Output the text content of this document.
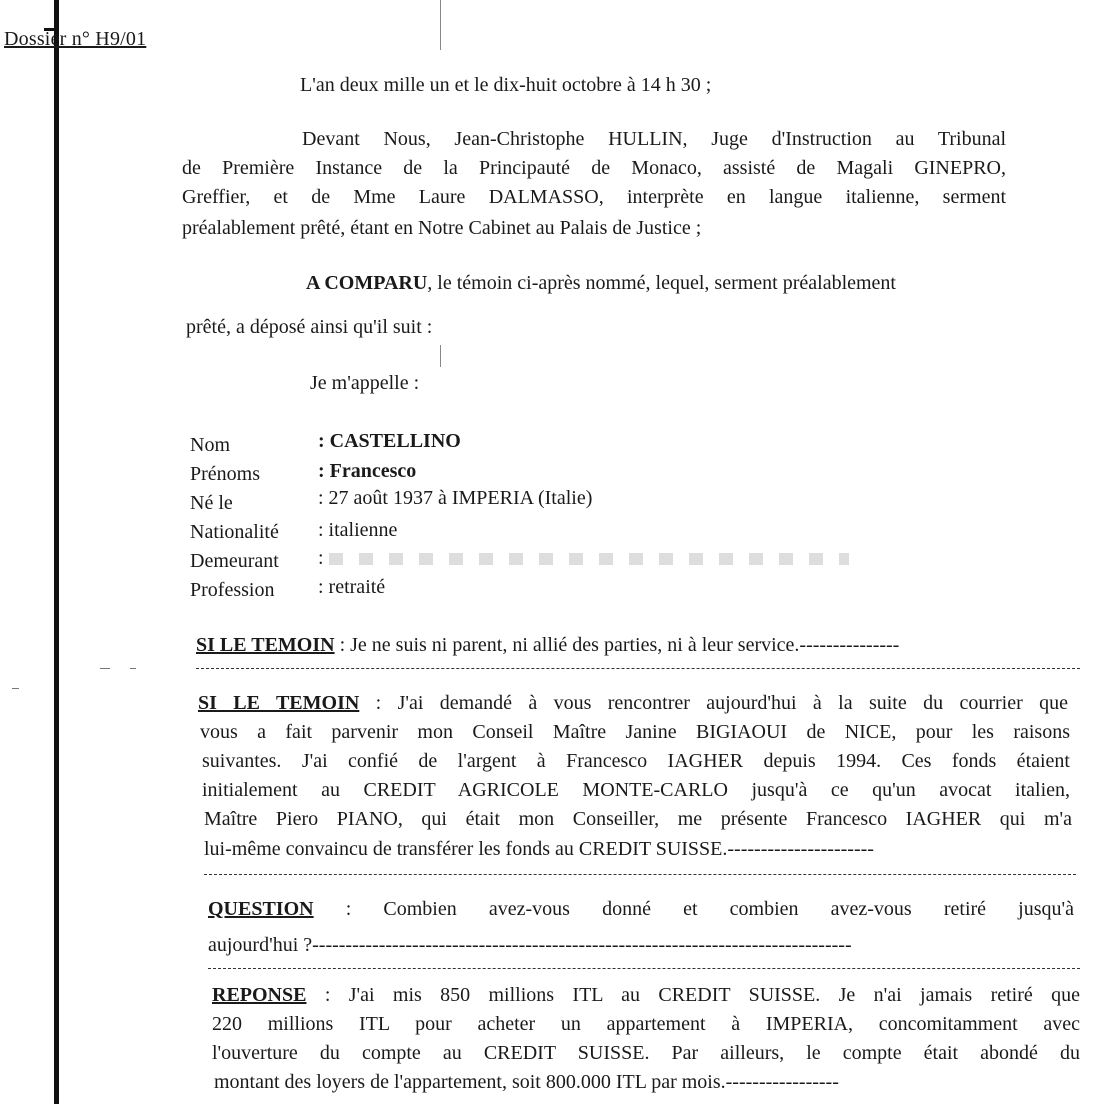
Dossier n° H9/01
L'an deux mille un et le dix-huit octobre à 14 h 30 ;
Devant Nous, Jean-Christophe HULLIN, Juge d'Instruction au Tribunal
de Première Instance de la Principauté de Monaco, assisté de Magali GINEPRO,
Greffier, et de Mme Laure DALMASSO, interprète en langue italienne, serment
préalablement prêté, étant en Notre Cabinet au Palais de Justice ;
A COMPARU, le témoin ci-après nommé, lequel, serment préalablement
prêté, a déposé ainsi qu'il suit :
Je m'appelle :
Nom	: CASTELLINO
Prénoms	: Francesco
Né le	: 27 août 1937 à IMPERIA (Italie)
Nationalité : italienne
Demeurant :
Profession : retraité
SI LE TEMOIN : Je ne suis ni parent, ni allié des parties, ni à leur service.---------------
SI LE TEMOIN : J'ai demandé à vous rencontrer aujourd'hui à la suite du courrier que
vous a fait parvenir mon Conseil Maître Janine BIGIAOUI de NICE, pour les raisons
suivantes. J'ai confié de l'argent à Francesco IAGHER depuis 1994. Ces fonds étaient
initialement au CREDIT AGRICOLE MONTE-CARLO jusqu'à ce qu'un avocat italien,
Maître Piero PIANO, qui était mon Conseiller, me présente Francesco IAGHER qui m'a
lui-même convaincu de transférer les fonds au CREDIT SUISSE.----------------------
QUESTION : Combien avez-vous donné et combien avez-vous retiré jusqu'à
aujourd'hui ?---------------------------------------------------------------------------------
REPONSE : J'ai mis 850 millions ITL au CREDIT SUISSE. Je n'ai jamais retiré que
220 millions ITL pour acheter un appartement à IMPERIA, concomitamment avec
l'ouverture du compte au CREDIT SUISSE. Par ailleurs, le compte était abondé du
montant des loyers de l'appartement, soit 800.000 ITL par mois.-----------------
